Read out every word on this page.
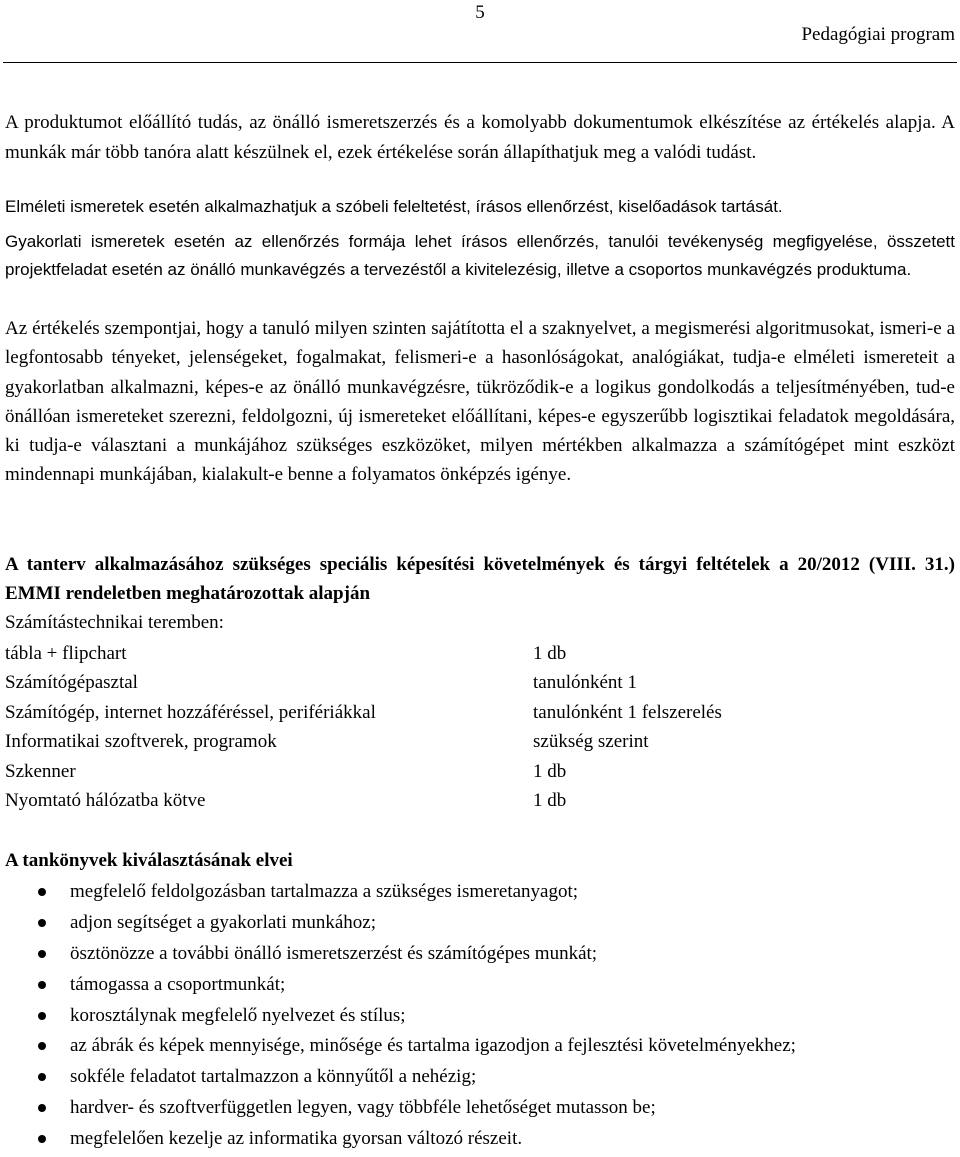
5
Pedagógiai program
A produktumot előállító tudás, az önálló ismeretszerzés és a komolyabb dokumentumok elkészítése az értékelés alapja. A munkák már több tanóra alatt készülnek el, ezek értékelése során állapíthatjuk meg a valódi tudást.
Elméleti ismeretek esetén alkalmazhatjuk a szóbeli feleltetést, írásos ellenőrzést, kiselőadások tartását.
Gyakorlati ismeretek esetén az ellenőrzés formája lehet írásos ellenőrzés, tanulói tevékenység megfigyelése, összetett projektfeladat esetén az önálló munkavégzés a tervezéstől a kivitelezésig, illetve a csoportos munkavégzés produktuma.
Az értékelés szempontjai, hogy a tanuló milyen szinten sajátította el a szaknyelvet, a megismerési algoritmusokat, ismeri-e a legfontosabb tényeket, jelenségeket, fogalmakat, felismeri-e a hasonlóságokat, analógiákat, tudja-e elméleti ismereteit a gyakorlatban alkalmazni, képes-e az önálló munkavégzésre, tükröződik-e a logikus gondolkodás a teljesítményében, tud-e önállóan ismereteket szerezni, feldolgozni, új ismereteket előállítani, képes-e egyszerűbb logisztikai feladatok megoldására, ki tudja-e választani a munkájához szükséges eszközöket, milyen mértékben alkalmazza a számítógépet mint eszközt mindennapi munkájában, kialakult-e benne a folyamatos önképzés igénye.
A tanterv alkalmazásához szükséges speciális képesítési követelmények és tárgyi feltételek a 20/2012 (VIII. 31.) EMMI rendeletben meghatározottak alapján
Számítástechnikai teremben:
tábla + flipchart	1 db
Számítógépasztal	tanulónként 1
Számítógép, internet hozzáféréssel, perifériákkal	tanulónként 1 felszerelés
Informatikai szoftverek, programok	szükség szerint
Szkenner	1 db
Nyomtató hálózatba kötve	1 db
A tankönyvek kiválasztásának elvei
megfelelő feldolgozásban tartalmazza a szükséges ismeretanyagot;
adjon segítséget a gyakorlati munkához;
ösztönözze a további önálló ismeretszerzést és számítógépes munkát;
támogassa a csoportmunkát;
korosztálynak megfelelő nyelvezet és stílus;
az ábrák és képek mennyisége, minősége és tartalma igazodjon a fejlesztési követelményekhez;
sokféle feladatot tartalmazzon a könnyűtől a nehézig;
hardver- és szoftverfüggetlen legyen, vagy többféle lehetőséget mutasson be;
megfelelően kezelje az informatika gyorsan változó részeit.
